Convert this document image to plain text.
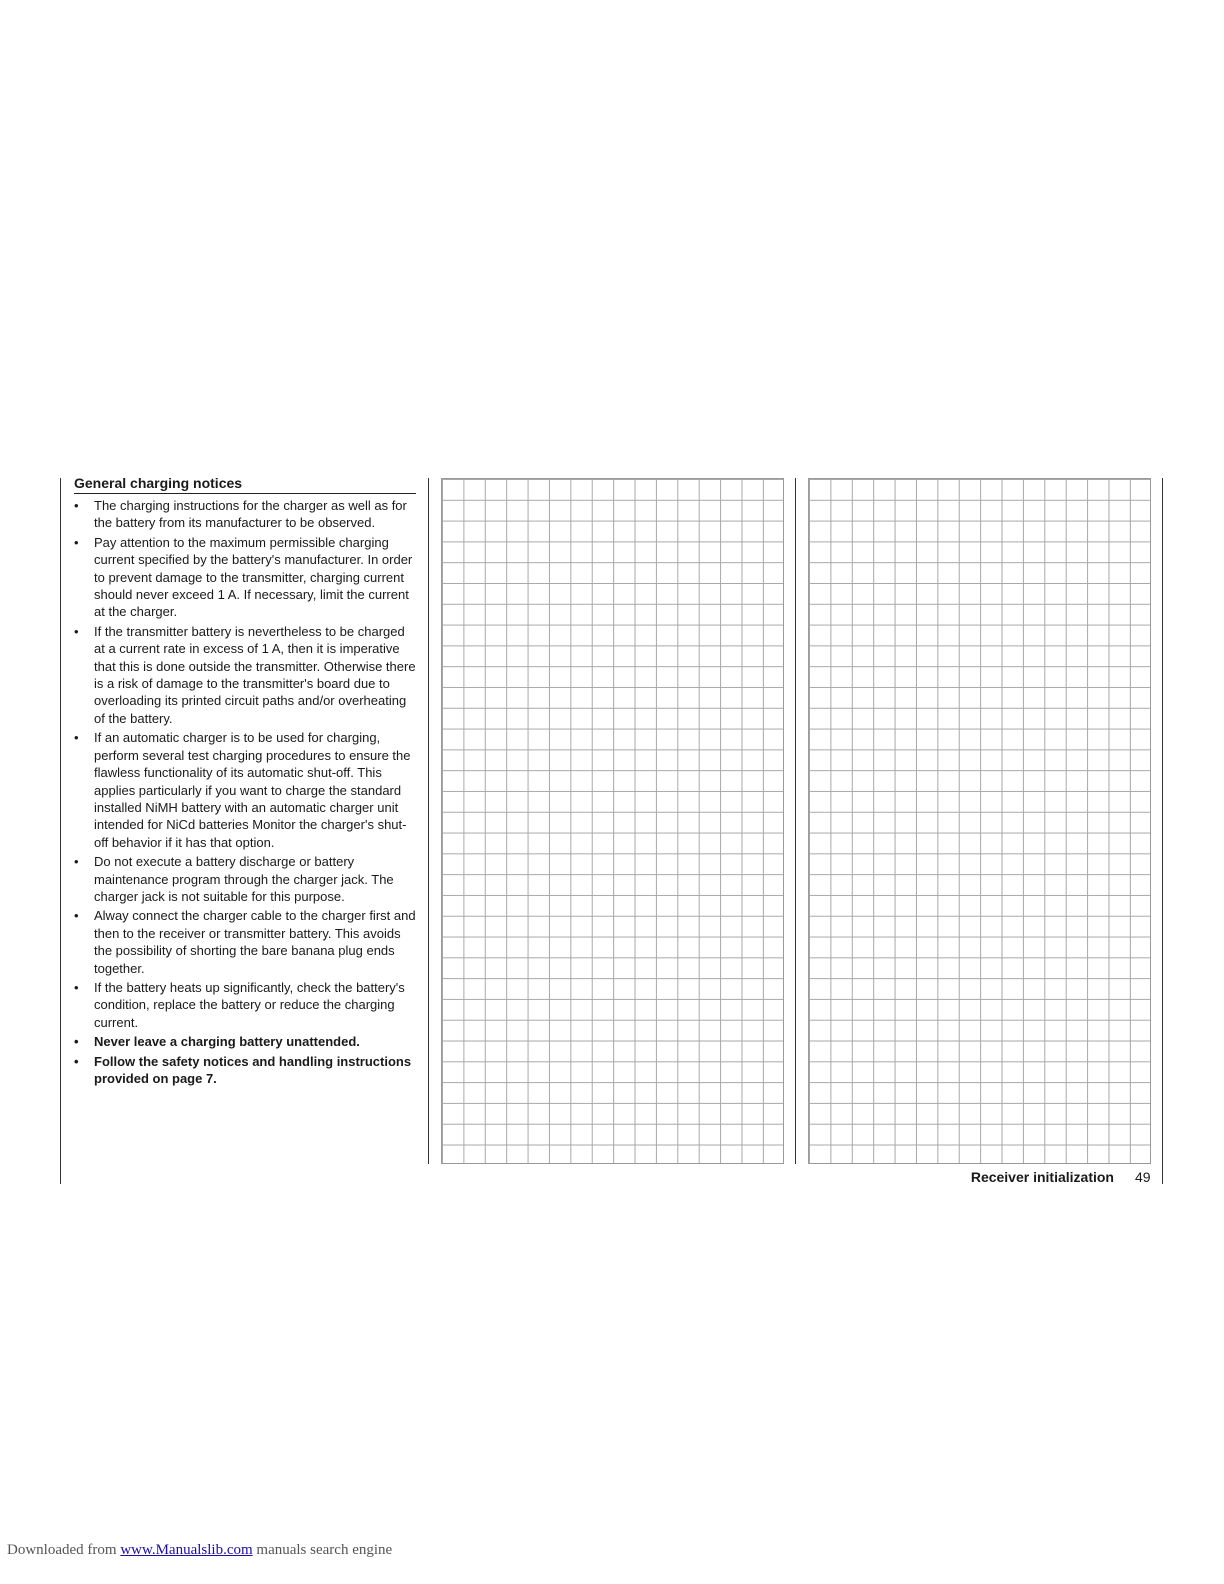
General charging notices
• The charging instructions for the charger as well as for the battery from its manufacturer to be observed.
• Pay attention to the maximum permissible charging current specified by the battery's manufacturer. In order to prevent damage to the transmitter, charging current should never exceed 1 A. If necessary, limit the current at the charger.
• If the transmitter battery is nevertheless to be charged at a current rate in excess of 1 A, then it is imperative that this is done outside the transmitter. Otherwise there is a risk of damage to the transmitter's board due to overloading its printed circuit paths and/or overheating of the battery.
• If an automatic charger is to be used for charging, perform several test charging procedures to ensure the flawless functionality of its automatic shut-off. This applies particularly if you want to charge the standard installed NiMH battery with an automatic charger unit intended for NiCd batteries Monitor the charger's shut-off behavior if it has that option.
• Do not execute a battery discharge or battery maintenance program through the charger jack. The charger jack is not suitable for this purpose.
• Alway connect the charger cable to the charger first and then to the receiver or transmitter battery. This avoids the possibility of shorting the bare banana plug ends together.
• If the battery heats up significantly, check the battery's condition, replace the battery or reduce the charging current.
• Never leave a charging battery unattended.
• Follow the safety notices and handling instructions provided on page 7.
Receiver initialization 49
Downloaded from www.Manualslib.com manuals search engine
